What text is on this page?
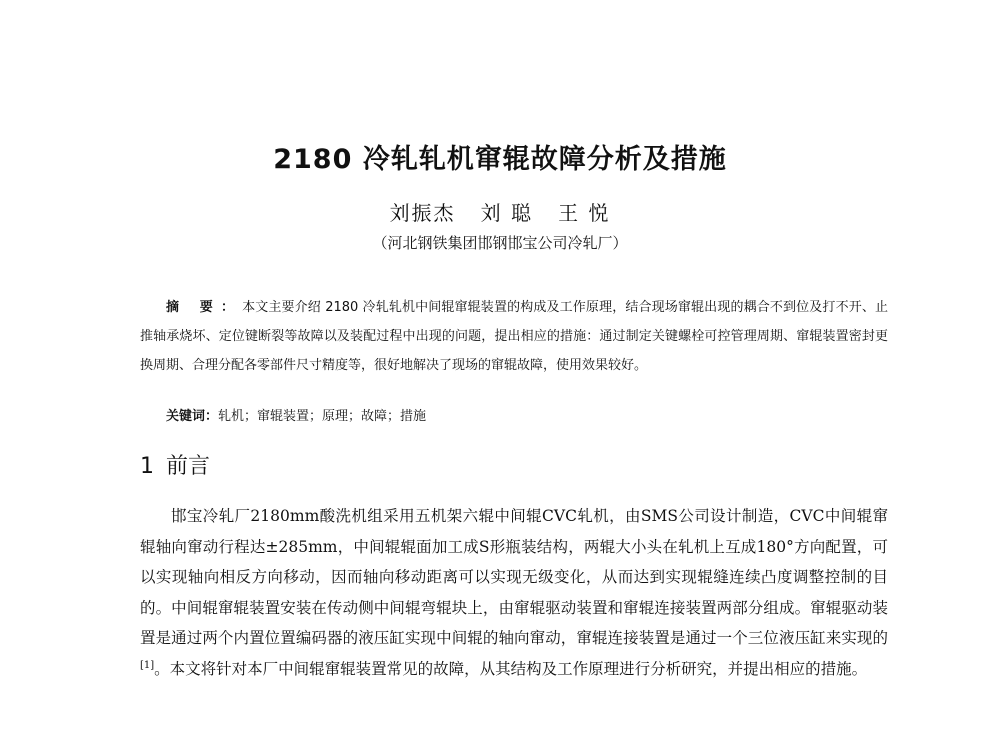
2180 冷轧轧机窜辊故障分析及措施
刘振杰   刘 聪   王 悦
（河北钢铁集团邯钢邯宝公司冷轧厂）
摘 要：本文主要介绍 2180 冷轧轧机中间辊窜辊装置的构成及工作原理，结合现场窜辊出现的耦合不到位及打不开、止推轴承烧坏、定位键断裂等故障以及装配过程中出现的问题，提出相应的措施：通过制定关键螺栓可控管理周期、窜辊装置密封更换周期、合理分配各零部件尺寸精度等，很好地解决了现场的窜辊故障，使用效果较好。
关键词：轧机；窜辊装置；原理；故障；措施
1 前言
邯宝冷轧厂2180mm酸洗机组采用五机架六辊中间辊CVC轧机，由SMS公司设计制造，CVC中间辊窜辊轴向窜动行程达±285mm，中间辊辊面加工成S形瓶装结构，两辊大小头在轧机上互成180°方向配置，可以实现轴向相反方向移动，因而轴向移动距离可以实现无级变化，从而达到实现辊缝连续凸度调整控制的目的。中间辊窜辊装置安装在传动侧中间辊弯辊块上，由窜辊驱动装置和窜辊连接装置两部分组成。窜辊驱动装置是通过两个内置位置编码器的液压缸实现中间辊的轴向窜动，窜辊连接装置是通过一个三位液压缸来实现的[1]。本文将针对本厂中间辊窜辊装置常见的故障，从其结构及工作原理进行分析研究，并提出相应的措施。
